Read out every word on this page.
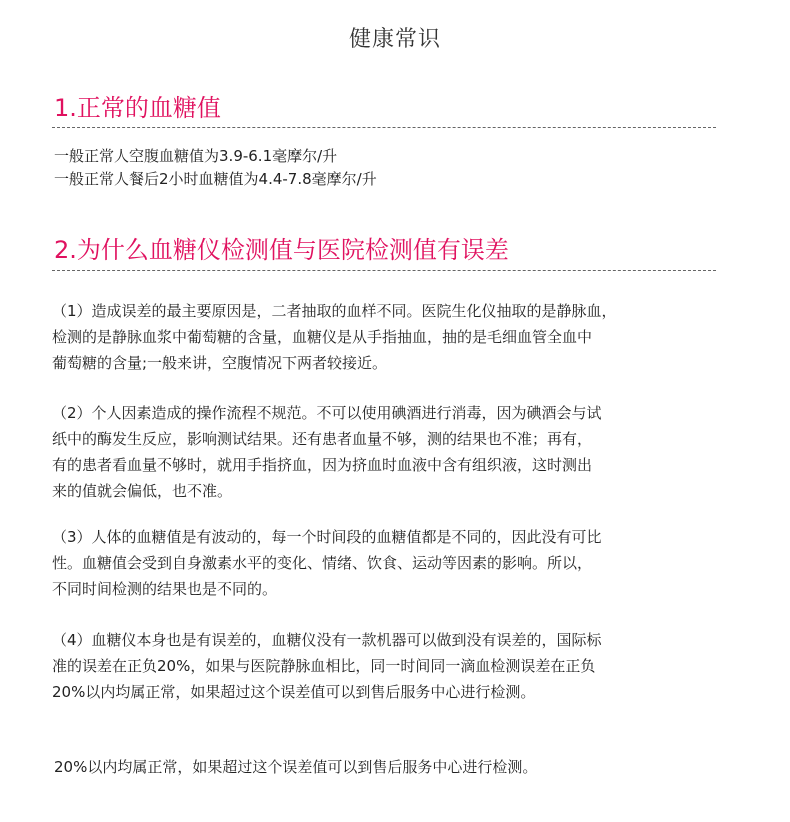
健康常识
1.正常的血糖值
一般正常人空腹血糖值为3.9-6.1毫摩尔/升
一般正常人餐后2小时血糖值为4.4-7.8毫摩尔/升
2.为什么血糖仪检测值与医院检测值有误差
（1）造成误差的最主要原因是，二者抽取的血样不同。医院生化仪抽取的是静脉血，
检测的是静脉血浆中葡萄糖的含量，血糖仪是从手指抽血，抽的是毛细血管全血中
葡萄糖的含量;一般来讲，空腹情况下两者较接近。
（2）个人因素造成的操作流程不规范。不可以使用碘酒进行消毒，因为碘酒会与试
纸中的酶发生反应，影响测试结果。还有患者血量不够，测的结果也不准；再有，
有的患者看血量不够时，就用手指挤血，因为挤血时血液中含有组织液，这时测出
来的值就会偏低，也不准。
（3）人体的血糖值是有波动的，每一个时间段的血糖值都是不同的，因此没有可比
性。血糖值会受到自身激素水平的变化、情绪、饮食、运动等因素的影响。所以，
不同时间检测的结果也是不同的。
（4）血糖仪本身也是有误差的，血糖仪没有一款机器可以做到没有误差的，国际标
准的误差在正负20%，如果与医院静脉血相比，同一时间同一滴血检测误差在正负
20%以内均属正常，如果超过这个误差值可以到售后服务中心进行检测。
20%以内均属正常，如果超过这个误差值可以到售后服务中心进行检测。
